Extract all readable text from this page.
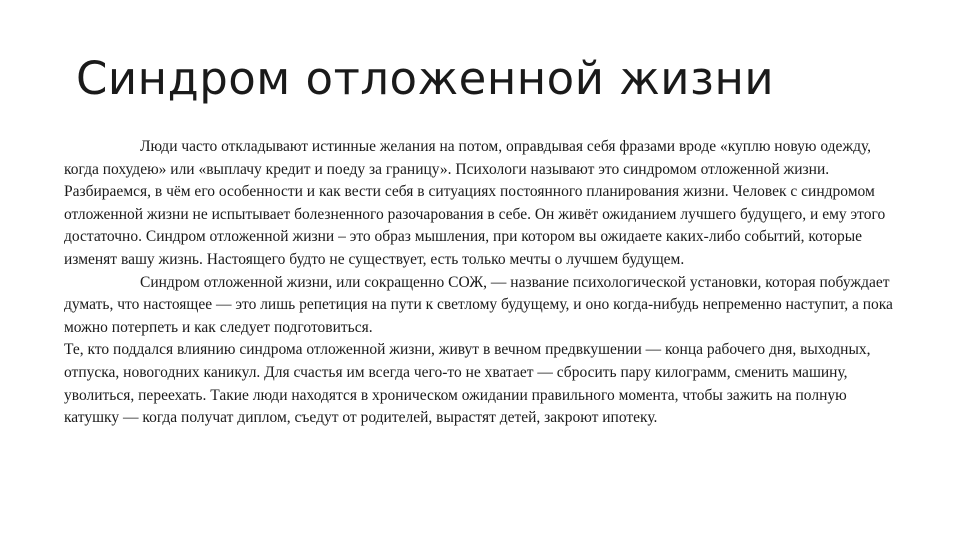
Синдром отложенной жизни

Люди часто откладывают истинные желания на потом, оправдывая себя фразами вроде «куплю новую одежду, когда похудею» или «выплачу кредит и поеду за границу». Психологи называют это синдромом отложенной жизни. Разбираемся, в чём его особенности и как вести себя в ситуациях постоянного планирования жизни. Человек с синдромом отложенной жизни не испытывает болезненного разочарования в себе. Он живёт ожиданием лучшего будущего, и ему этого достаточно. Синдром отложенной жизни – это образ мышления, при котором вы ожидаете каких-либо событий, которые изменят вашу жизнь. Настоящего будто не существует, есть только мечты о лучшем будущем.

Синдром отложенной жизни, или сокращенно СОЖ, — название психологической установки, которая побуждает думать, что настоящее — это лишь репетиция на пути к светлому будущему, и оно когда-нибудь непременно наступит, а пока можно потерпеть и как следует подготовиться.

Те, кто поддался влиянию синдрома отложенной жизни, живут в вечном предвкушении — конца рабочего дня, выходных, отпуска, новогодних каникул. Для счастья им всегда чего-то не хватает — сбросить пару килограмм, сменить машину, уволиться, переехать. Такие люди находятся в хроническом ожидании правильного момента, чтобы зажить на полную катушку — когда получат диплом, съедут от родителей, вырастят детей, закроют ипотеку.
